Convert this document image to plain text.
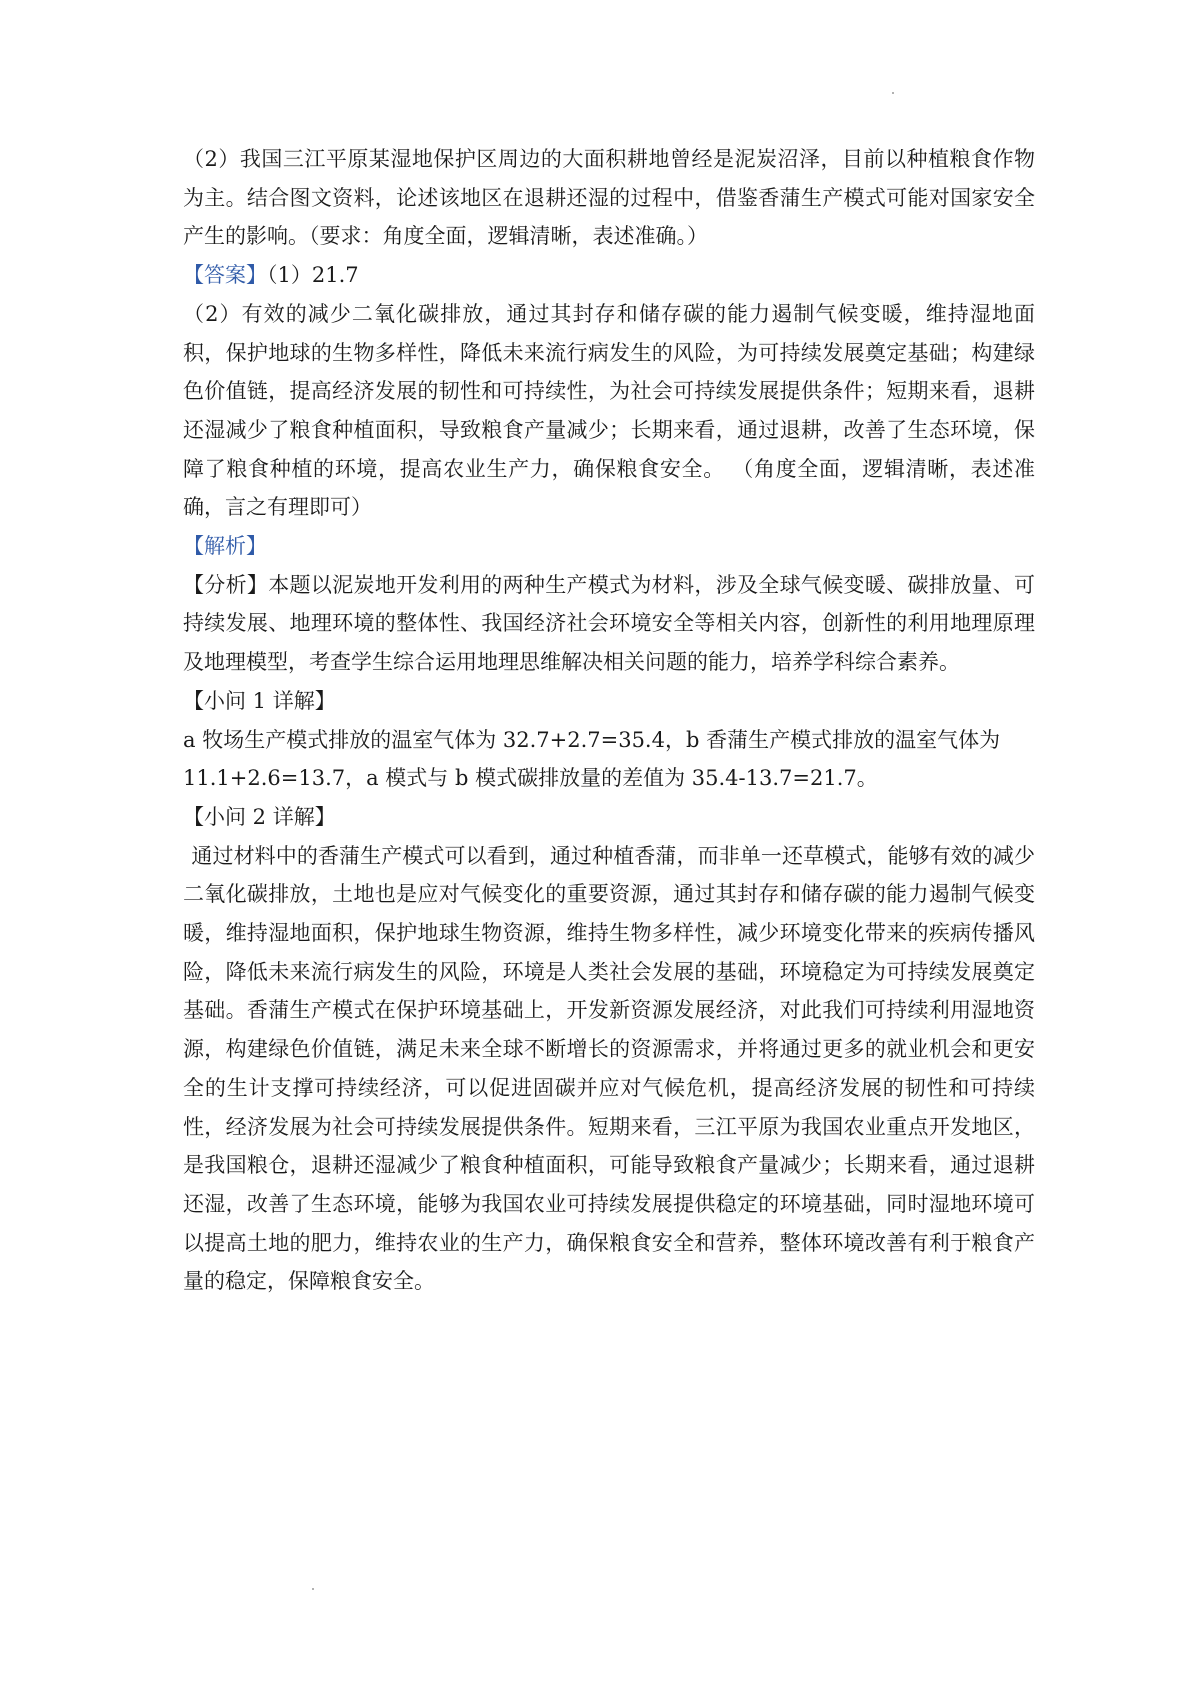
（2）我国三江平原某湿地保护区周边的大面积耕地曾经是泥炭沼泽，目前以种植粮食作物为主。结合图文资料，论述该地区在退耕还湿的过程中，借鉴香蒲生产模式可能对国家安全产生的影响。（要求：角度全面，逻辑清晰，表述准确。）

【答案】（1）21.7

（2）有效的减少二氧化碳排放，通过其封存和储存碳的能力遏制气候变暖，维持湿地面积，保护地球的生物多样性，降低未来流行病发生的风险，为可持续发展奠定基础；构建绿色价值链，提高经济发展的韧性和可持续性，为社会可持续发展提供条件；短期来看，退耕还湿减少了粮食种植面积，导致粮食产量减少；长期来看，通过退耕，改善了生态环境，保障了粮食种植的环境，提高农业生产力，确保粮食安全。 （角度全面，逻辑清晰，表述准确，言之有理即可）

【解析】

【分析】本题以泥炭地开发利用的两种生产模式为材料，涉及全球气候变暖、碳排放量、可持续发展、地理环境的整体性、我国经济社会环境安全等相关内容，创新性的利用地理原理及地理模型，考查学生综合运用地理思维解决相关问题的能力，培养学科综合素养。

【小问 1 详解】

a 牧场生产模式排放的温室气体为 32.7+2.7=35.4，b 香蒲生产模式排放的温室气体为

11.1+2.6=13.7，a 模式与 b 模式碳排放量的差值为 35.4-13.7=21.7。

【小问 2 详解】

通过材料中的香蒲生产模式可以看到，通过种植香蒲，而非单一还草模式，能够有效的减少二氧化碳排放，土地也是应对气候变化的重要资源，通过其封存和储存碳的能力遏制气候变暖，维持湿地面积，保护地球生物资源，维持生物多样性，减少环境变化带来的疾病传播风险，降低未来流行病发生的风险，环境是人类社会发展的基础，环境稳定为可持续发展奠定基础。香蒲生产模式在保护环境基础上，开发新资源发展经济，对此我们可持续利用湿地资源，构建绿色价值链，满足未来全球不断增长的资源需求，并将通过更多的就业机会和更安全的生计支撑可持续经济，可以促进固碳并应对气候危机，提高经济发展的韧性和可持续性，经济发展为社会可持续发展提供条件。短期来看，三江平原为我国农业重点开发地区，是我国粮仓，退耕还湿减少了粮食种植面积，可能导致粮食产量减少；长期来看，通过退耕还湿，改善了生态环境，能够为我国农业可持续发展提供稳定的环境基础，同时湿地环境可以提高土地的肥力，维持农业的生产力，确保粮食安全和营养，整体环境改善有利于粮食产量的稳定，保障粮食安全。
